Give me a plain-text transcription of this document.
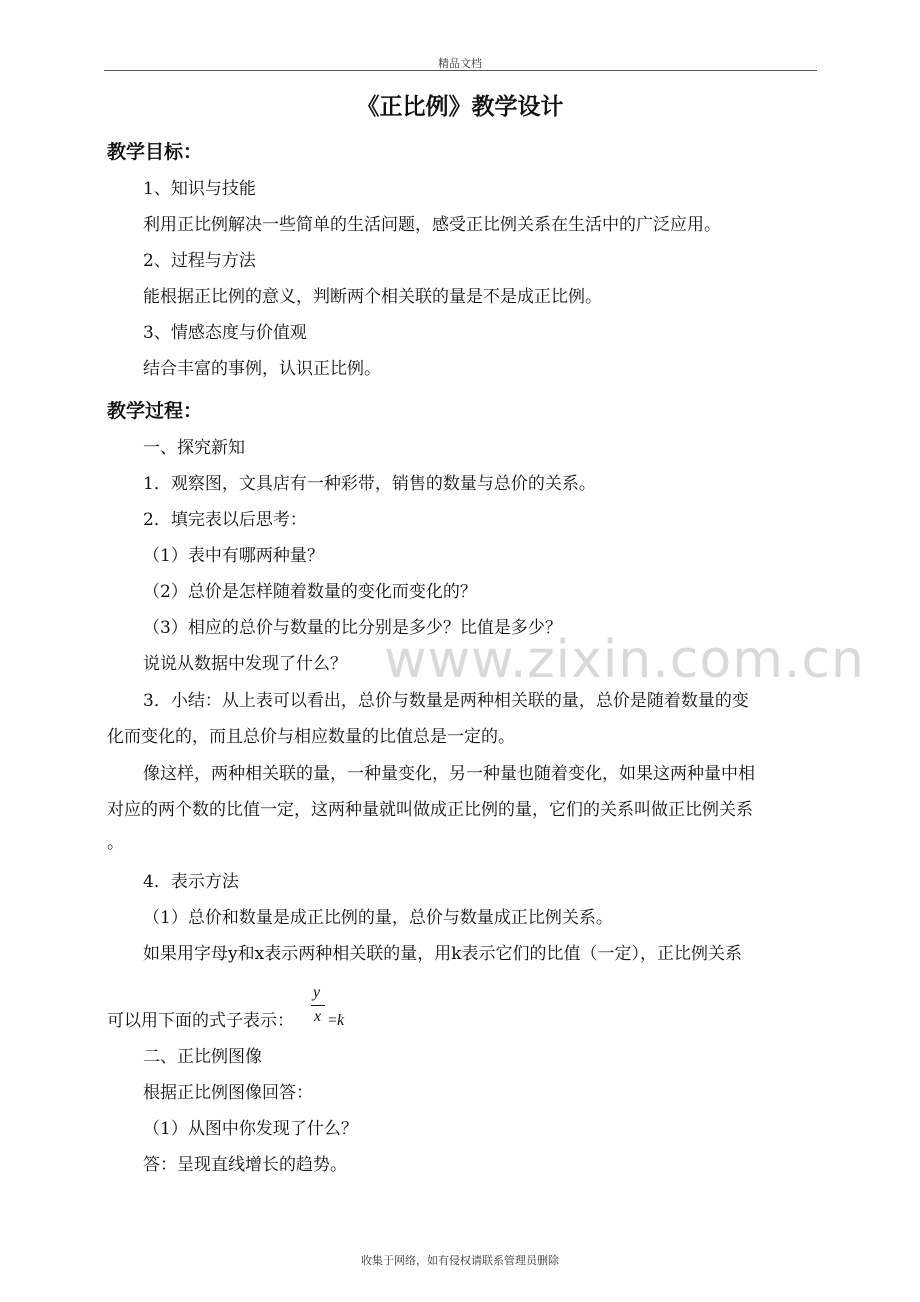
精品文档
《正比例》教学设计
www.zixin.com.cn
教学目标：
1、知识与技能
利用正比例解决一些简单的生活问题，感受正比例关系在生活中的广泛应用。
2、过程与方法
能根据正比例的意义，判断两个相关联的量是不是成正比例。
3、情感态度与价值观
结合丰富的事例，认识正比例。
教学过程：
一、探究新知
1．观察图，文具店有一种彩带，销售的数量与总价的关系。
2．填完表以后思考：
（1）表中有哪两种量？
（2）总价是怎样随着数量的变化而变化的？
（3）相应的总价与数量的比分别是多少？比值是多少？
说说从数据中发现了什么？
3．小结：从上表可以看出，总价与数量是两种相关联的量，总价是随着数量的变
化而变化的，而且总价与相应数量的比值总是一定的。
像这样，两种相关联的量，一种量变化，另一种量也随着变化，如果这两种量中相
对应的两个数的比值一定，这两种量就叫做成正比例的量，它们的关系叫做正比例关系
。
4．表示方法
（1）总价和数量是成正比例的量，总价与数量成正比例关系。
如果用字母y和x表示两种相关联的量，用k表示它们的比值（一定），正比例关系
可以用下面的式子表示：
y
x =k
二、正比例图像
根据正比例图像回答：
（1）从图中你发现了什么？
答：呈现直线增长的趋势。
收集于网络，如有侵权请联系管理员删除
